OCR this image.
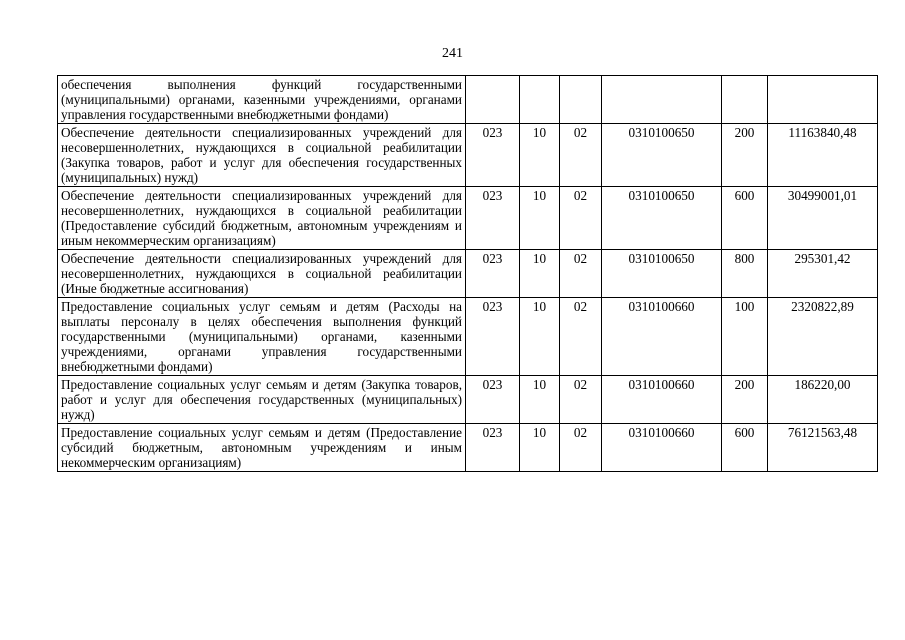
241
обеспечения выполнения функций государственными (муниципальными) органами, казенными учреждениями, органами управления государственными внебюджетными фондами)						
Обеспечение деятельности специализированных учреждений для несовершеннолетних, нуждающихся в социальной реабилитации (Закупка товаров, работ и услуг для обеспечения государственных (муниципальных) нужд)	023	10	02	0310100650	200	11163840,48
Обеспечение деятельности специализированных учреждений для несовершеннолетних, нуждающихся в социальной реабилитации (Предоставление субсидий бюджетным, автономным учреждениям и иным некоммерческим организациям)	023	10	02	0310100650	600	30499001,01
Обеспечение деятельности специализированных учреждений для несовершеннолетних, нуждающихся в социальной реабилитации (Иные бюджетные ассигнования)	023	10	02	0310100650	800	295301,42
Предоставление социальных услуг семьям и детям (Расходы на выплаты персоналу в целях обеспечения выполнения функций государственными (муниципальными) органами, казенными учреждениями, органами управления государственными внебюджетными фондами)	023	10	02	0310100660	100	2320822,89
Предоставление социальных услуг семьям и детям (Закупка товаров, работ и услуг для обеспечения государственных (муниципальных) нужд)	023	10	02	0310100660	200	186220,00
Предоставление социальных услуг семьям и детям (Предоставление субсидий бюджетным, автономным учреждениям и иным некоммерческим организациям)	023	10	02	0310100660	600	76121563,48
